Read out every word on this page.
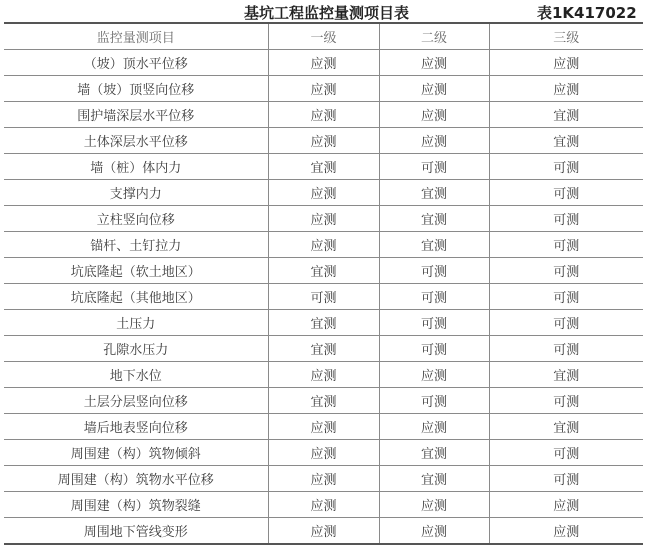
基坑工程监控量测项目表	表1K417022
监控量测项目	一级	二级	三级
（坡）顶水平位移	应测	应测	应测
墙（坡）顶竖向位移	应测	应测	应测
围护墙深层水平位移	应测	应测	宜测
土体深层水平位移	应测	应测	宜测
墙（桩）体内力	宜测	可测	可测
支撑内力	应测	宜测	可测
立柱竖向位移	应测	宜测	可测
锚杆、土钉拉力	应测	宜测	可测
坑底隆起（软土地区）	宜测	可测	可测
坑底隆起（其他地区）	可测	可测	可测
土压力	宜测	可测	可测
孔隙水压力	宜测	可测	可测
地下水位	应测	应测	宜测
土层分层竖向位移	宜测	可测	可测
墙后地表竖向位移	应测	应测	宜测
周围建（构）筑物倾斜	应测	宜测	可测
周围建（构）筑物水平位移	应测	宜测	可测
周围建（构）筑物裂缝	应测	应测	应测
周围地下管线变形	应测	应测	应测
